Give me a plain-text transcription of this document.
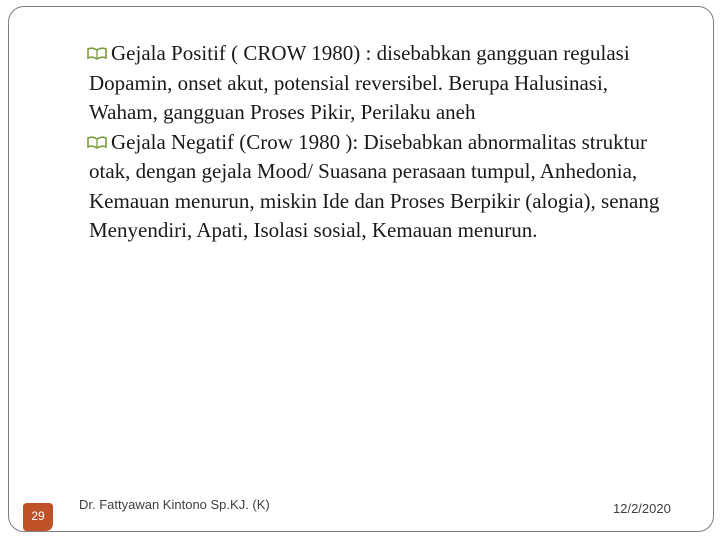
Gejala Positif ( CROW 1980) : disebabkan gangguan regulasi Dopamin, onset akut, potensial reversibel. Berupa Halusinasi, Waham, gangguan Proses Pikir, Perilaku aneh

Gejala Negatif (Crow 1980 ): Disebabkan abnormalitas struktur otak, dengan gejala Mood/ Suasana perasaan tumpul, Anhedonia, Kemauan menurun, miskin Ide dan Proses Berpikir (alogia), senang Menyendiri, Apati, Isolasi sosial, Kemauan menurun.

29
Dr. Fattyawan Kintono Sp.KJ. (K)	12/2/2020
